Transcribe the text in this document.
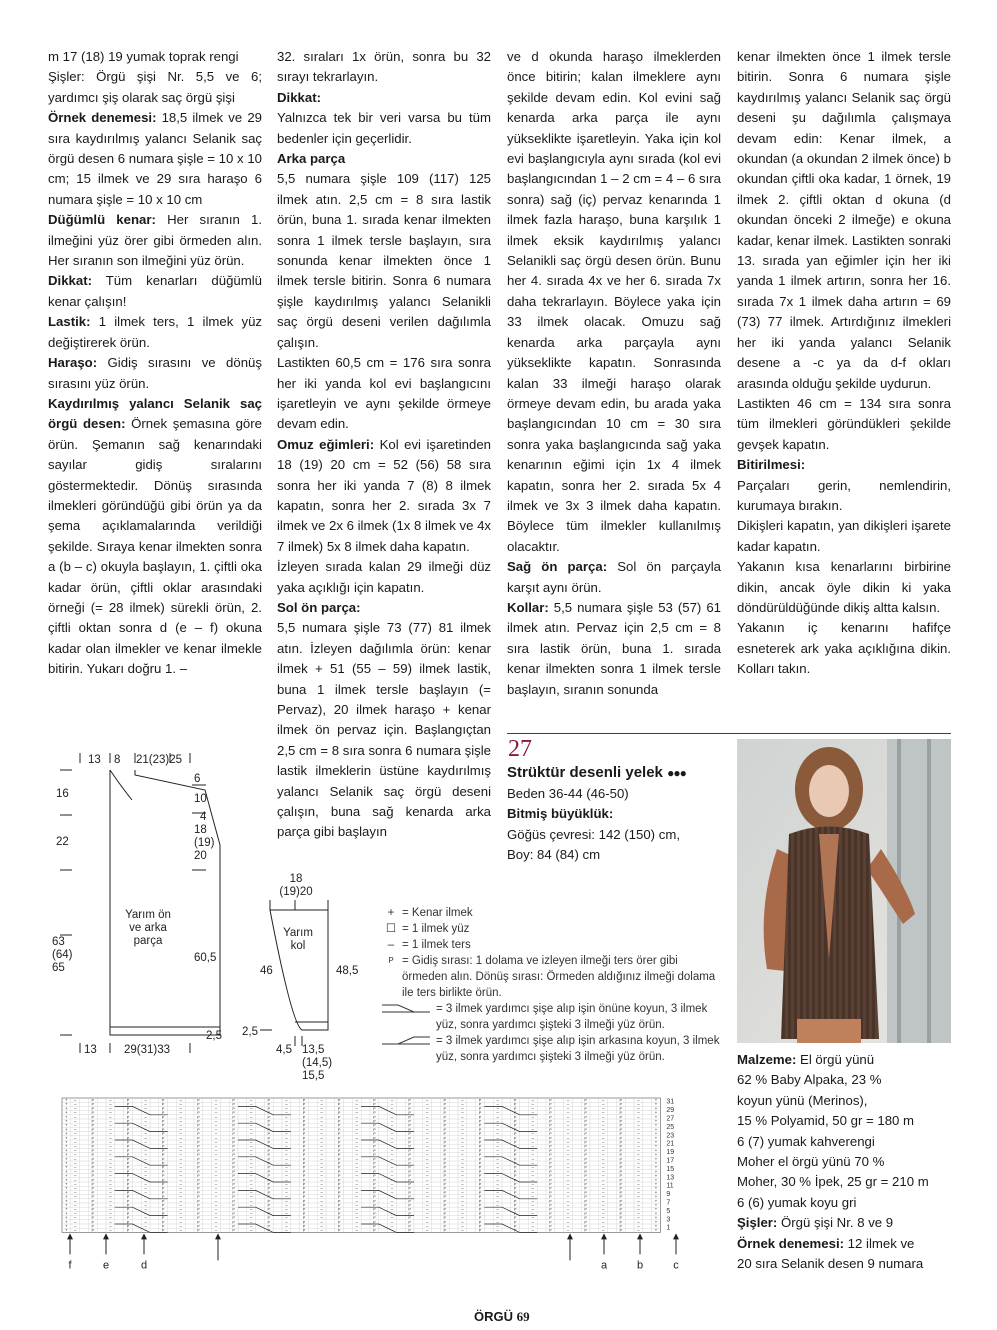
m 17 (18) 19 yumak toprak rengi

Şişler: Örgü şişi Nr. 5,5 ve 6; yardımcı şiş olarak saç örgü şişi

Örnek denemesi: 18,5 ilmek ve 29 sıra kaydırılmış yalancı Selanik saç örgü desen 6 numara şişle = 10 x 10 cm; 15 ilmek ve 29 sıra haraşo 6 numara şişle = 10 x 10 cm

Düğümlü kenar: Her sıranın 1. ilmeğini yüz örer gibi örmeden alın. Her sıranın son ilmeğini yüz örün.

Dikkat: Tüm kenarları düğümlü kenar çalışın!

Lastik: 1 ilmek ters, 1 ilmek yüz değiştirerek örün.

Haraşo: Gidiş sırasını ve dönüş sırasını yüz örün.

Kaydırılmış yalancı Selanik saç örgü desen: Örnek şemasına göre örün. Şemanın sağ kenarındaki sayılar gidiş sıralarını göstermektedir. Dönüş sırasında ilmekleri göründüğü gibi örün ya da şema açıklamalarında verildiği şekilde. Sıraya kenar ilmekten sonra a (b – c) okuyla başlayın, 1. çiftli oka kadar örün, çiftli oklar arasındaki örneği (= 28 ilmek) sürekli örün, 2. çiftli oktan sonra d (e – f) okuna kadar olan ilmekler ve kenar ilmekle bitirin. Yukarı doğru 1. –

32. sıraları 1x örün, sonra bu 32 sırayı tekrarlayın.

Dikkat:

Yalnızca tek bir veri varsa bu tüm bedenler için geçerlidir.

Arka parça

5,5 numara şişle 109 (117) 125 ilmek atın. 2,5 cm = 8 sıra lastik örün, buna 1. sırada kenar ilmekten sonra 1 ilmek tersle başlayın, sıra sonunda kenar ilmekten önce 1 ilmek tersle bitirin. Sonra 6 numara şişle kaydırılmış yalancı Selanikli saç örgü deseni verilen dağılımla çalışın.

Lastikten 60,5 cm = 176 sıra sonra her iki yanda kol evi başlangıcını işaretleyin ve aynı şekilde örmeye devam edin.

Omuz eğimleri: Kol evi işaretinden 18 (19) 20 cm = 52 (56) 58 sıra sonra her iki yanda 7 (8) 8 ilmek kapatın, sonra her 2. sırada 3x 7 ilmek ve 2x 6 ilmek (1x 8 ilmek ve 4x 7 ilmek) 5x 8 ilmek daha kapatın.

İzleyen sırada kalan 29 ilmeği düz yaka açıklığı için kapatın.

Sol ön parça:

5,5 numara şişle 73 (77) 81 ilmek atın. İzleyen dağılımla örün: kenar ilmek + 51 (55 – 59) ilmek lastik, buna 1 ilmek tersle başlayın (= Pervaz), 20 ilmek haraşo + kenar ilmek ön pervaz için. Başlangıçtan 2,5 cm = 8 sıra sonra 6 numara şişle lastik ilmeklerin üstüne kaydırılmış yalancı Selanik saç örgü deseni çalışın, buna sağ kenarda arka parça gibi başlayın

ve d okunda haraşo ilmeklerden önce bitirin; kalan ilmeklere aynı şekilde devam edin. Kol evini sağ kenarda arka parça ile aynı yükseklikte işaretleyin. Yaka için kol evi başlangıcıyla aynı sırada (kol evi başlangıcından 1 – 2 cm = 4 – 6 sıra sonra) sağ (iç) pervaz kenarında 1 ilmek fazla haraşo, buna karşılık 1 ilmek eksik kaydırılmış yalancı Selanikli saç örgü desen örün. Bunu her 4. sırada 4x ve her 6. sırada 7x daha tekrarlayın. Böylece yaka için 33 ilmek olacak. Omuzu sağ kenarda arka parçayla aynı yükseklikte kapatın. Sonrasında kalan 33 ilmeği haraşo olarak örmeye devam edin, bu arada yaka başlangıcından 10 cm = 30 sıra sonra yaka başlangıcında sağ yaka kenarının eğimi için 1x 4 ilmek kapatın, sonra her 2. sırada 5x 4 ilmek ve 3x 3 ilmek daha kapatın. Böylece tüm ilmekler kullanılmış olacaktır.

Sağ ön parça: Sol ön parçayla karşıt aynı örün.

Kollar: 5,5 numara şişle 53 (57) 61 ilmek atın. Pervaz için 2,5 cm = 8 sıra lastik örün, buna 1. sırada kenar ilmekten sonra 1 ilmek tersle başlayın, sıranın sonunda

kenar ilmekten önce 1 ilmek tersle bitirin. Sonra 6 numara şişle kaydırılmış yalancı Selanik saç örgü deseni şu dağılımla çalışmaya devam edin: Kenar ilmek, a okundan (a okundan 2 ilmek önce) b okundan çiftli oka kadar, 1 örnek, 19 ilmek 2. çiftli oktan d okuna (d okundan önceki 2 ilmeğe) e okuna kadar, kenar ilmek. Lastikten sonraki 13. sırada yan eğimler için her iki yanda 1 ilmek artırın, sonra her 16. sırada 7x 1 ilmek daha artırın = 69 (73) 77 ilmek. Artırdığınız ilmekleri her iki yanda yalancı Selanik desene a -c ya da d-f okları arasında olduğu şekilde uydurun.

Lastikten 46 cm = 134 sıra sonra tüm ilmekleri göründükleri şekilde gevşek kapatın.

Bitirilmesi:

Parçaları gerin, nemlendirin, kurumaya bırakın.

Dikişleri kapatın, yan dikişleri işarete kadar kapatın.

Yakanın kısa kenarlarını birbirine dikin, ancak öyle dikin ki yaka döndürüldüğünde dikiş altta kalsın.

Yakanın iç kenarını hafifçe esneterek ark yaka açıklığına dikin. Kolları takın.

27
Strüktür desenli yelek ●●●
Beden 36-44 (46-50)
Bitmiş büyüklük:
Göğüs çevresi: 142 (150) cm,
Boy: 84 (84) cm

Malzeme: El örgü yünü

62 % Baby Alpaka, 23 %

koyun yünü (Merinos),

15 % Polyamid, 50 gr = 180 m

6 (7) yumak kahverengi

Moher el örgü yünü 70 %

Moher, 30 % İpek, 25 gr = 210 m

6 (6) yumak koyu gri

Şişler: Örgü şişi Nr. 8 ve 9

Örnek denemesi: 12 ilmek ve

20 sıra Selanik desen 9 numara

13 8 21(23)25
16
22
63
(64)
65
6
10
4
18
(19)
20
60,5
2,5
13 29(31)33
Yarım ön
ve arka
parça
18
(19)20
46	48,5
2,5
4,5 13,5
(14,5)
15,5
Yarım
kol
+ = Kenar ilmek
☐ = 1 ilmek yüz
– = 1 ilmek ters
P = Gidiş sırası: 1 dolama ve izleyen ilmeği ters örer gibi örmeden alın. Dönüş sırası: Örmeden aldığınız ilmeği dolama ile ters birlikte örün.
= 3 ilmek yardımcı şişe alıp işin önüne koyun, 3 ilmek yüz, sonra yardımcı şişteki 3 ilmeği yüz örün.
= 3 ilmek yardımcı şişe alıp işin arkasına koyun, 3 ilmek yüz, sonra yardımcı şişteki 3 ilmeği yüz örün.
+ –	P	–	P	–	P	–	P	–	P	–	P	–	P	–	P	–	P	–	P	–	P	–	P	–	P	–	P	–	P	–	P	–	+
+ –	P	–	P	–	P	–	P	–	P	–	P	–	P	–	P	–	P	–	P	–	P	–	P	–	P	–	P	–	P	–	P	–	+
+ –	P	–	P	–	P	–	P	–	P	–	P	–	P	–	P	–	P	–	P	–	P	–	P	–	P	–	P	–	P	–	P	–	+
+ –	P	–	P	–	P	–	P	–	P	–	P	–	P	–	P	–	P	–	P	–	P	–	P	–	P	–	P	–	P	–	P	–	+
+ –	P	–	P	–	P	–	P	–	P	–	P	–	P	–	P	–	P	–	P	–	P	–	P	–	P	–	P	–	P	–	P	–	+
+ –	P	–	P	–	P	–	P	–	P	–	P	–	P	–	P	–	P	–	P	–	P	–	P	–	P	–	P	–	P	–	P	–	+
+ –	P	–	P	–	P	–	P	–	P	–	P	–	P	–	P	–	P	–	P	–	P	–	P	–	P	–	P	–	P	–	P	–	+
+ –	P	–	P	–	P	–	P	–	P	–	P	–	P	–	P	–	P	–	P	–	P	–	P	–	P	–	P	–	P	–	P	–	+
+ –	P	–	P	–	P	–	P	–	P	–	P	–	P	–	P	–	P	–	P	–	P	–	P	–	P	–	P	–	P	–	P	–	+
+ –	P	–	P	–	P	–	P	–	P	–	P	–	P	–	P	–	P	–	P	–	P	–	P	–	P	–	P	–	P	–	P	–	+
+ –	P	–	P	–	P	–	P	–	P	–	P	–	P	–	P	–	P	–	P	–	P	–	P	–	P	–	P	–	P	–	P	–	+
+ –	P	–	P	–	P	–	P	–	P	–	P	–	P	–	P	–	P	–	P	–	P	–	P	–	P	–	P	–	P	–	P	–	+
+ –	P	–	P	–	P	–	P	–	P	–	P	–	P	–	P	–	P	–	P	–	P	–	P	–	P	–	P	–	P	–	P	–	+
+ –	P	–	P	–	P	–	P	–	P	–	P	–	P	–	P	–	P	–	P	–	P	–	P	–	P	–	P	–	P	–	P	–	+
+ –	P	–	P	–	P	–	P	–	P	–	P	–	P	–	P	–	P	–	P	–	P	–	P	–	P	–	P	–	P	–	P	–	+
+ –	P	–	P	–	P	–	P	–	P	–	P	–	P	–	P	–	P	–	P	–	P	–	P	–	P	–	P	–	P	–	P	–	+
+ –	P	–	P	–	P	–	P	–	P	–	P	–	P	–	P	–	P	–	P	–	P	–	P	–	P	–	P	–	P	–	P	–	+
+ –	P	–	P	–	P	–	P	–	P	–	P	–	P	–	P	–	P	–	P	–	P	–	P	–	P	–	P	–	P	–	P	–	+
+ –	P	–	P	–	P	–	P	–	P	–	P	–	P	–	P	–	P	–	P	–	P	–	P	–	P	–	P	–	P	–	P	–	+
+ –	P	–	P	–	P	–	P	–	P	–	P	–	P	–	P	–	P	–	P	–	P	–	P	–	P	–	P	–	P	–	P	–	+
+ –	P	–	P	–	P	–	P	–	P	–	P	–	P	–	P	–	P	–	P	–	P	–	P	–	P	–	P	–	P	–	P	–	+
+ –	P	–	P	–	P	–	P	–	P	–	P	–	P	–	P	–	P	–	P	–	P	–	P	–	P	–	P	–	P	–	P	–	+
+ –	P	–	P	–	P	–	P	–	P	–	P	–	P	–	P	–	P	–	P	–	P	–	P	–	P	–	P	–	P	–	P	–	+
+ –	P	–	P	–	P	–	P	–	P	–	P	–	P	–	P	–	P	–	P	–	P	–	P	–	P	–	P	–	P	–	P	–	+
+ –	P	–	P	–	P	–	P	–	P	–	P	–	P	–	P	–	P	–	P	–	P	–	P	–	P	–	P	–	P	–	P	–	+
+ –	P	–	P	–	P	–	P	–	P	–	P	–	P	–	P	–	P	–	P	–	P	–	P	–	P	–	P	–	P	–	P	–	+
+ –	P	–	P	–	P	–	P	–	P	–	P	–	P	–	P	–	P	–	P	–	P	–	P	–	P	–	P	–	P	–	P	–	+
+ –	P	–	P	–	P	–	P	–	P	–	P	–	P	–	P	–	P	–	P	–	P	–	P	–	P	–	P	–	P	–	P	–	+
+ –	P	–	P	–	P	–	P	–	P	–	P	–	P	–	P	–	P	–	P	–	P	–	P	–	P	–	P	–	P	–	P	–	+
+ –	P	–	P	–	P	–	P	–	P	–	P	–	P	–	P	–	P	–	P	–	P	–	P	–	P	–	P	–	P	–	P	–	+
+ –	P	–	P	–	P	–	P	–	P	–	P	–	P	–	P	–	P	–	P	–	P	–	P	–	P	–	P	–	P	–	P	–	+
+ –	P	–	P	–	P	–	P	–	P	–	P	–	P	–	P	–	P	–	P	–	P	–	P	–	P	–	P	–	P	–	P	–	+
31
29
27
25
23
21
19
17
15
13
11
9
7
5
3
1
f	e	d	a	b	c
ÖRGÜ 69
